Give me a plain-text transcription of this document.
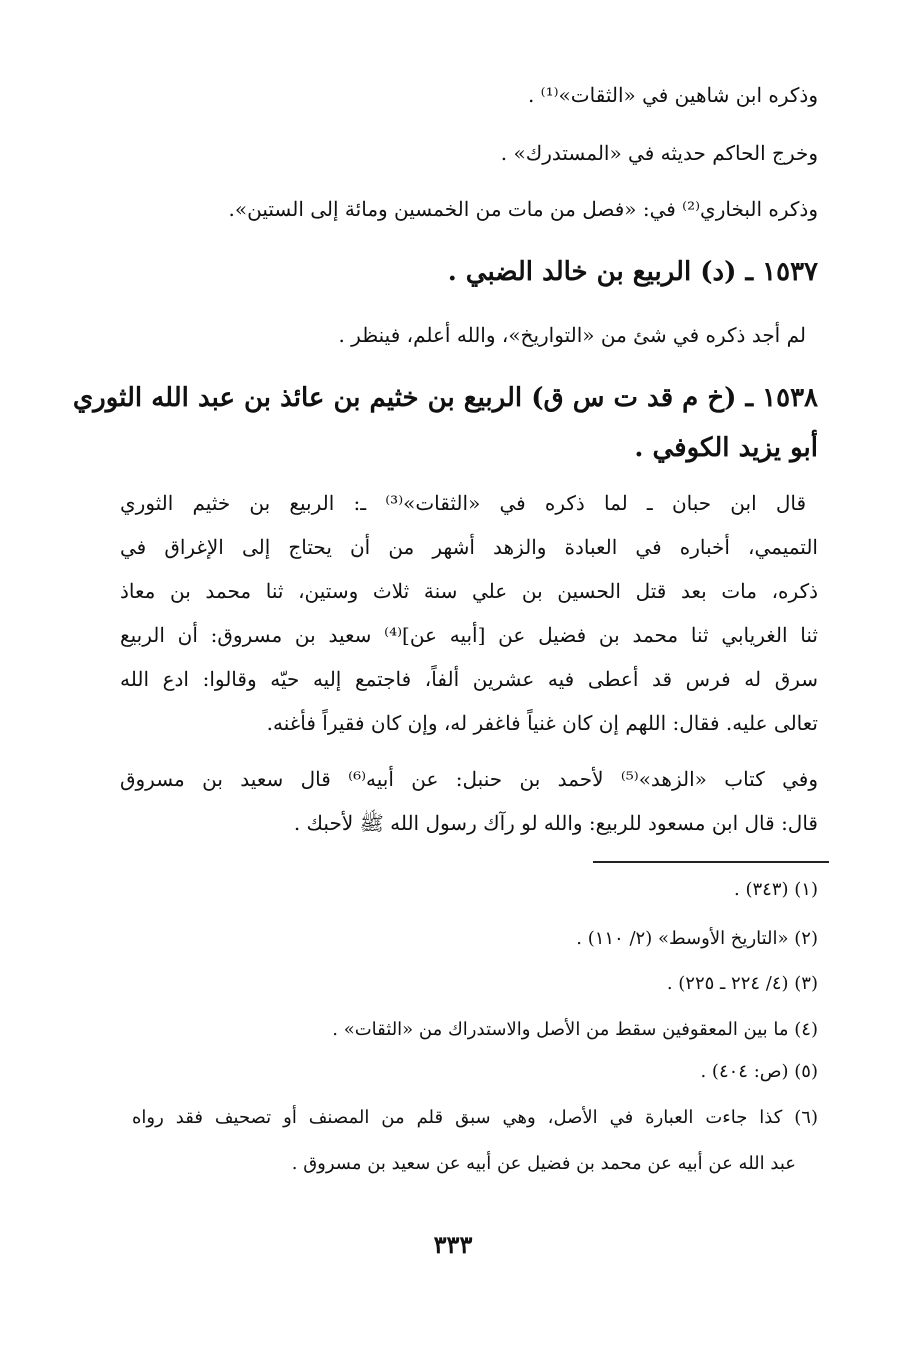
وذكره ابن شاهين في «الثقات»⁽¹⁾ .
وخرج الحاكم حديثه في «المستدرك» .
وذكره البخاري⁽²⁾ في: «فصل من مات من الخمسين ومائة إلى الستين».
١٥٣٧ ـ (د) الربيع بن خالد الضبي .
لم أجد ذكره في شئ من «التواريخ»، والله أعلم، فينظر .
١٥٣٨ ـ (خ م قد ت س ق) الربيع بن خثيم بن عائذ بن عبد الله الثوري
أبو يزيد الكوفي .
قال ابن حبان ـ لما ذكره في «الثقات»⁽³⁾ ـ: الربيع بن خثيم الثوري
التميمي، أخباره في العبادة والزهد أشهر من أن يحتاج إلى الإغراق في
ذكره، مات بعد قتل الحسين بن علي سنة ثلاث وستين، ثنا محمد بن معاذ
ثنا الغريابي ثنا محمد بن فضيل عن [أبيه عن]⁽⁴⁾ سعيد بن مسروق: أن الربيع
سرق له فرس قد أعطى فيه عشرين ألفاً، فاجتمع إليه حيّه وقالوا: ادع الله
تعالى عليه. فقال: اللهم إن كان غنياً فاغفر له، وإن كان فقيراً فأغنه.
وفي كتاب «الزهد»⁽⁵⁾ لأحمد بن حنبل: عن أبيه⁽⁶⁾ قال سعيد بن مسروق
قال: قال ابن مسعود للربيع: والله لو رآك رسول الله ﷺ لأحبك .
(١) (٣٤٣) .
(٢) «التاريخ الأوسط» (٢/ ١١٠) .
(٣) (٤/ ٢٢٤ ـ ٢٢٥) .
(٤) ما بين المعقوفين سقط من الأصل والاستدراك من «الثقات» .
(٥) (ص: ٤٠٤) .
(٦) كذا جاءت العبارة في الأصل، وهي سبق قلم من المصنف أو تصحيف فقد رواه
عبد الله عن أبيه عن محمد بن فضيل عن أبيه عن سعيد بن مسروق .
٣٣٣
